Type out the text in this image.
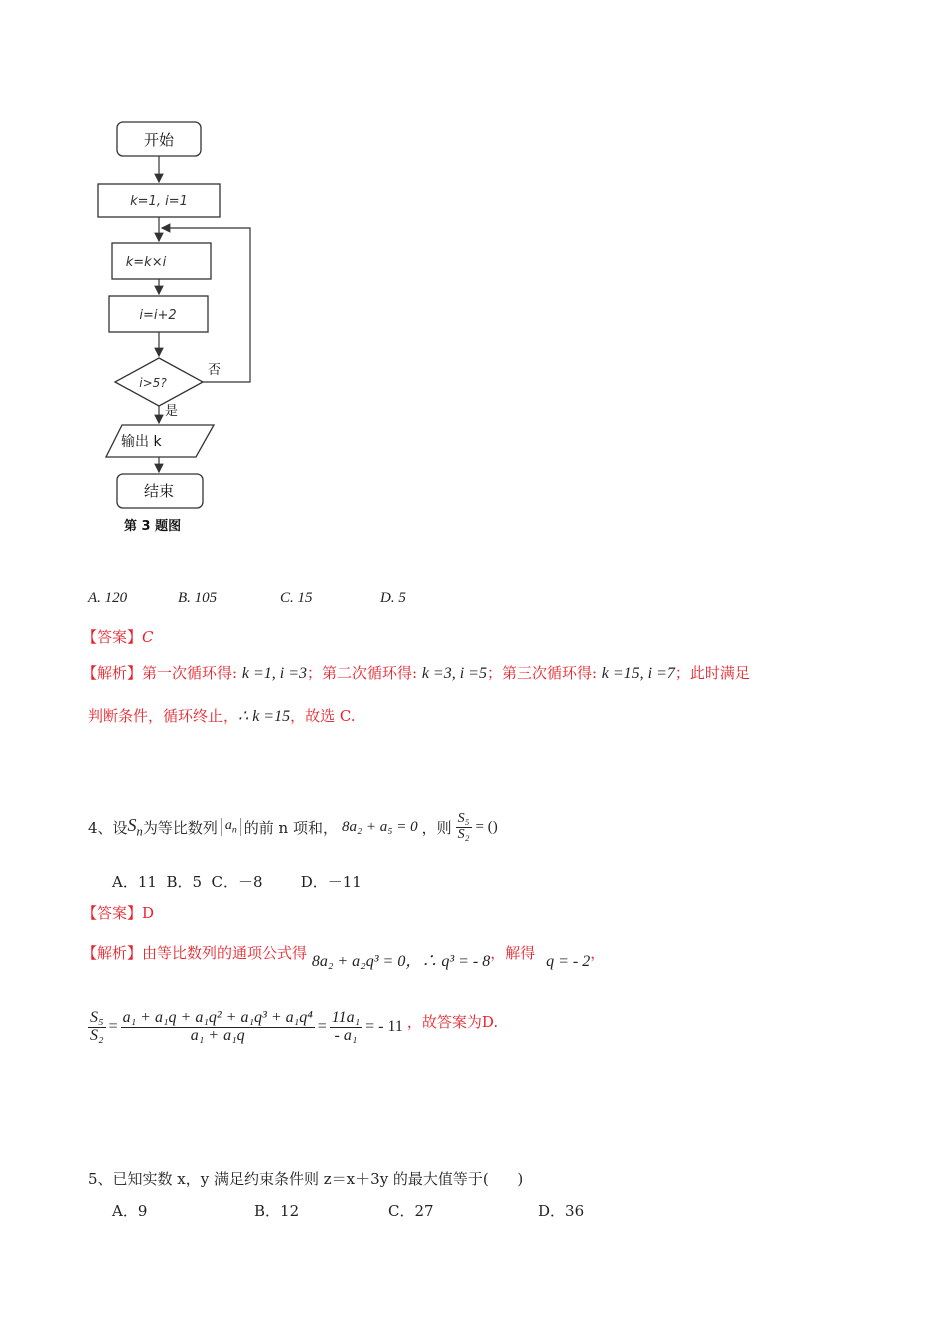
开始
k=1, i=1
k=k×i
i=i+2
i>5?
否
是
输出 k
结束
第 3 题图
A. 120	B. 105	C. 15	D. 5
【答案】C
【解析】第一次循环得: k =1, i =3；第二次循环得: k =3, i =5；第三次循环得: k =15, i =7；此时满足
判断条件，循环终止，∴ k =15，故选 C.
4、设 $S_n$ 为等比数列 $a_n$ 的前 n 项和， 8a₂ + a₅ = 0 ，则 $\frac{\text{S₅}}{\text{S₂}}$ = ()
A．11  B．5  C．－8        D．－11
【答案】D
【解析】由等比数列的通项公式得 8a₂ + a₂q³ = 0，∴ q³ = - 8，解得 q = - 2，
$\frac{\text{S₅}}{\text{S₂}} = \frac{\text{a₁ + a₁q + a₁q² + a₁q³ + a₁q⁴}}{\text{a₁ + a₁q}} = \frac{\text{11a₁}}{\text{- a₁}}$ = - 11 ，故答案为D.
5、已知实数 x，y 满足约束条件则 z＝x＋3y 的最大值等于(      )
A．9	B．12	C．27	D．36
